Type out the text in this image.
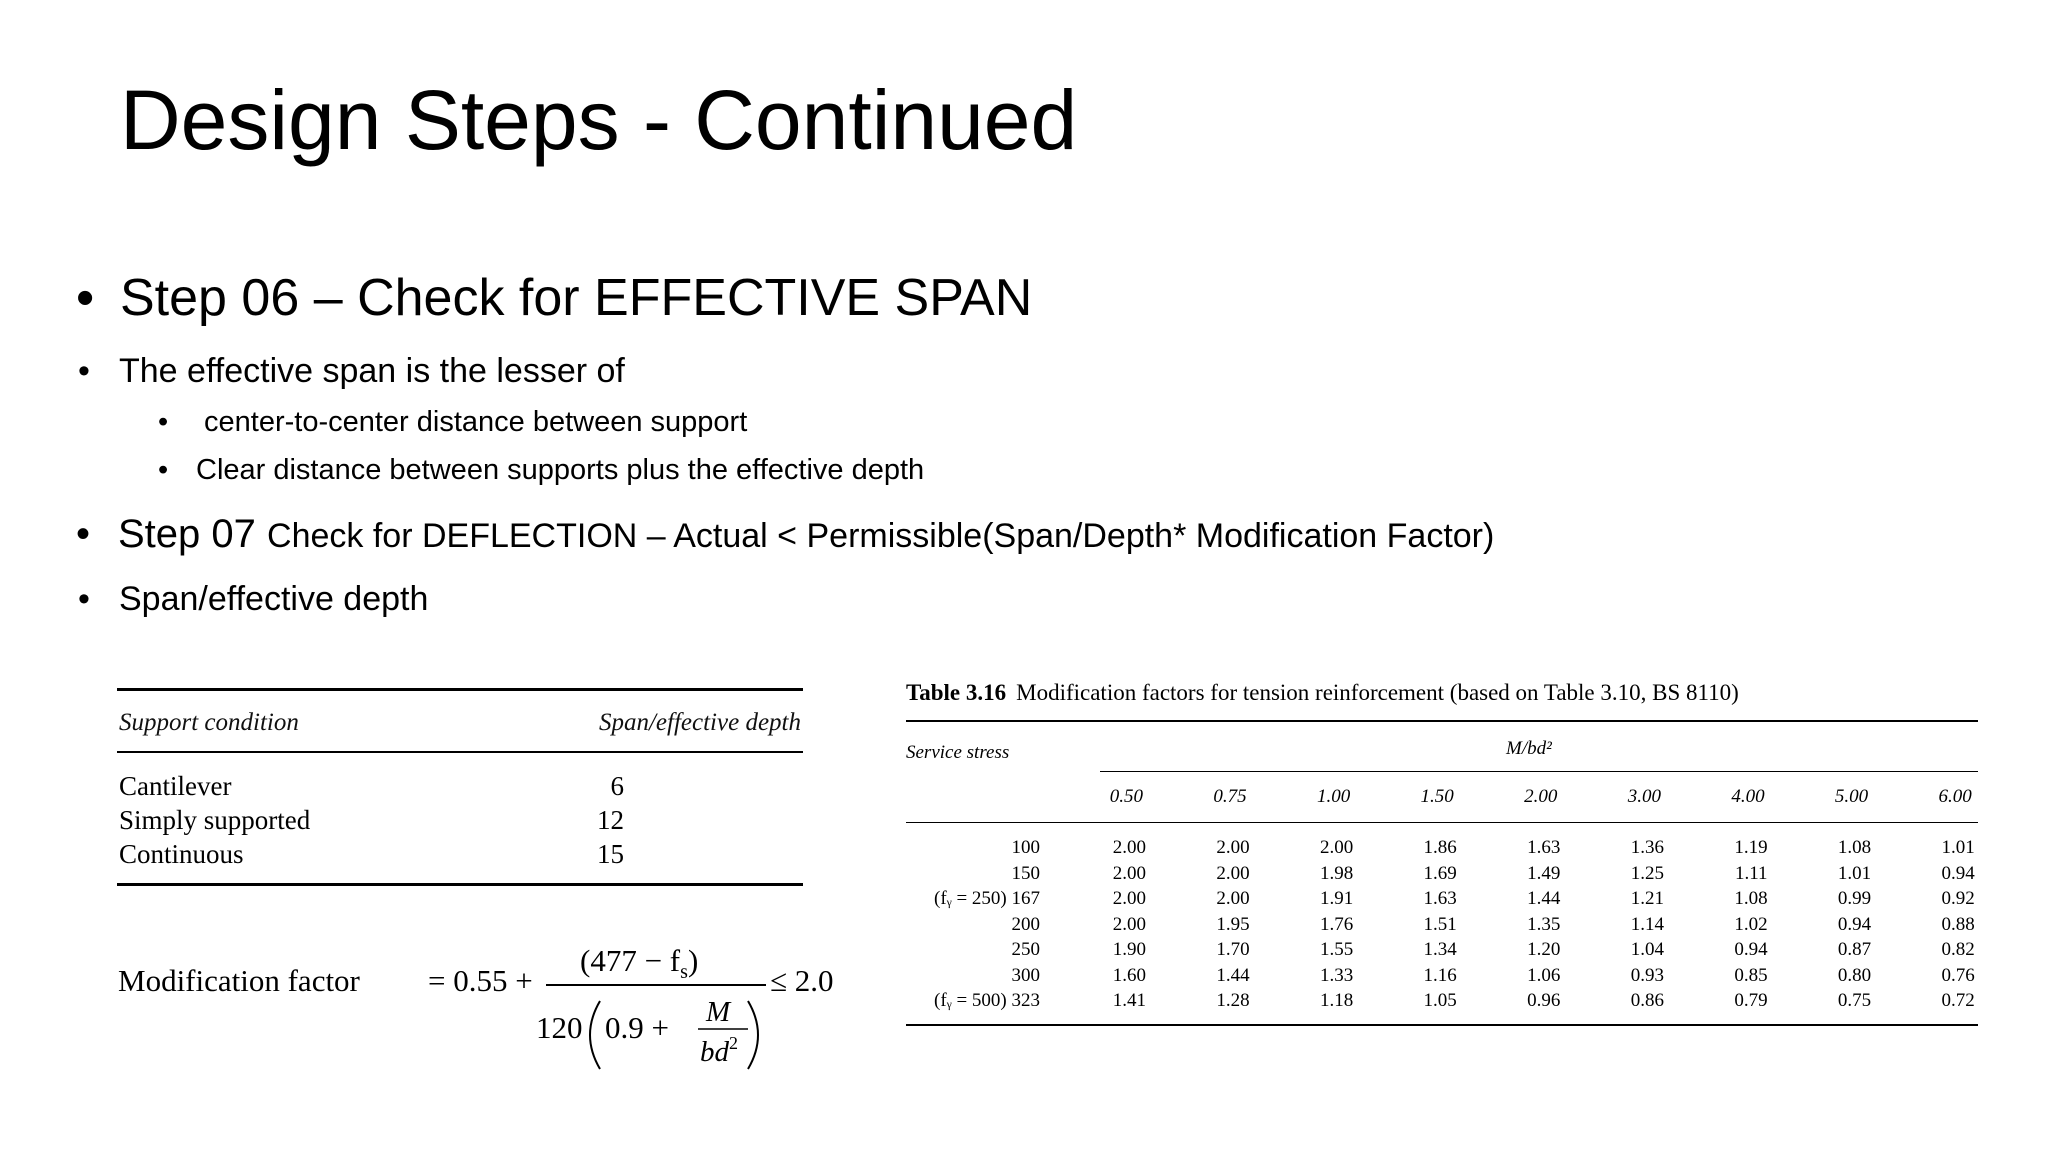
Design Steps - Continued
• Step 06 – Check for EFFECTIVE SPAN
• The effective span is the lesser of
•	center-to-center distance between support
• Clear distance between supports plus the effective depth
• Step 07
Check for DEFLECTION – Actual < Permissible(Span/Depth* Modification Factor)
• Span/effective depth
Support condition	Span/effective depth
Cantilever	6
Simply supported	12
Continuous	15
Modification factor = 0.55 +
$(477 - f_s)$
120 0.9 + M
$bd^2$
≤ 2.0
Table 3.16 Modification factors for tension reinforcement (based on Table 3.10, BS 8110)
Service stress	M/bd²
0.50	0.75	1.00	1.50	2.00	3.00	4.00	5.00	6.00
100	2.00	2.00	2.00	1.86	1.63	1.36	1.19	1.08	1.01
150	2.00	2.00	1.98	1.69	1.49	1.25	1.11	1.01	0.94
(fᵧ = 250) 167	2.00	2.00	1.91	1.63	1.44	1.21	1.08	0.99	0.92
200	2.00	1.95	1.76	1.51	1.35	1.14	1.02	0.94	0.88
250	1.90	1.70	1.55	1.34	1.20	1.04	0.94	0.87	0.82
300	1.60	1.44	1.33	1.16	1.06	0.93	0.85	0.80	0.76
(fᵧ = 500) 323	1.41	1.28	1.18	1.05	0.96	0.86	0.79	0.75	0.72
